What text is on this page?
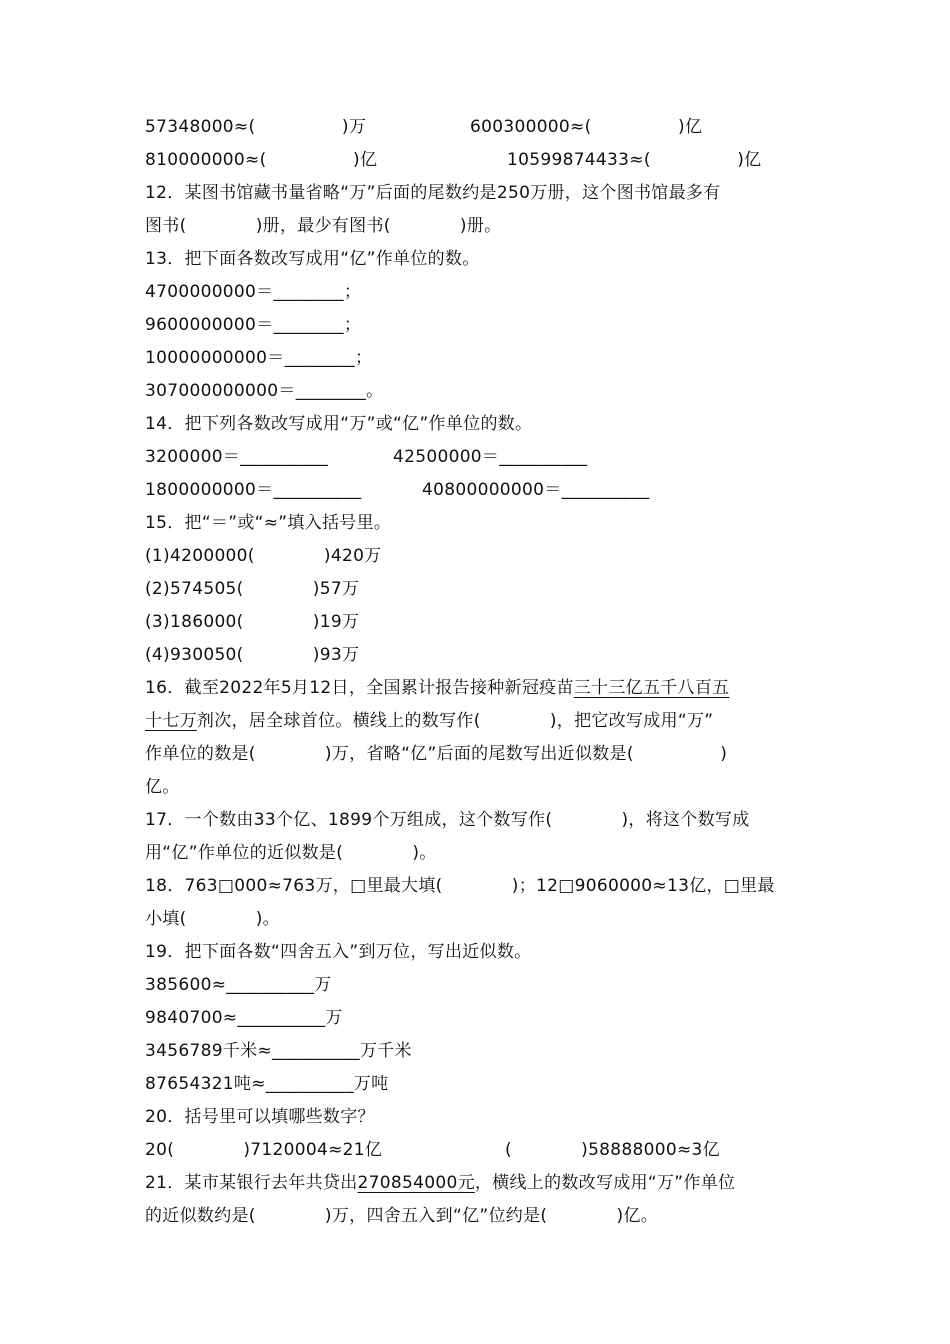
57348000≈(　　　　　)万	600300000≈(　　　　　)亿
810000000≈(　　　　　)亿	10599874433≈(　　　　　)亿
12．某图书馆藏书量省略“万”后面的尾数约是250万册，这个图书馆最多有
图书(　　　　)册，最少有图书(　　　　)册。
13．把下面各数改写成用“亿”作单位的数。
4700000000＝________；
9600000000＝________；
10000000000＝________；
307000000000＝________。
14．把下列各数改写成用“万”或“亿”作单位的数。
3200000＝__________	42500000＝__________
1800000000＝__________	40800000000＝__________
15．把“＝”或“≈”填入括号里。
(1)4200000(　　　　)420万
(2)574505(　　　　)57万
(3)186000(　　　　)19万
(4)930050(　　　　)93万
16．截至2022年5月12日，全国累计报告接种新冠疫苗三十三亿五千八百五
十七万剂次，居全球首位。横线上的数写作(　　　　)，把它改写成用“万”
作单位的数是(　　　　)万，省略“亿”后面的尾数写出近似数是(　　　　　)
亿。
17．一个数由33个亿、1899个万组成，这个数写作(　　　　)，将这个数写成
用“亿”作单位的近似数是(　　　　)。
18．763□000≈763万，□里最大填(　　　　)；12□9060000≈13亿，□里最
小填(　　　　)。
19．把下面各数“四舍五入”到万位，写出近似数。
385600≈__________万
9840700≈__________万
3456789千米≈__________万千米
87654321吨≈__________万吨
20．括号里可以填哪些数字？
20(　　　　)7120004≈21亿	(　　　　)58888000≈3亿
21．某市某银行去年共贷出270854000元，横线上的数改写成用“万”作单位
的近似数约是(　　　　)万，四舍五入到“亿”位约是(　　　　)亿。
